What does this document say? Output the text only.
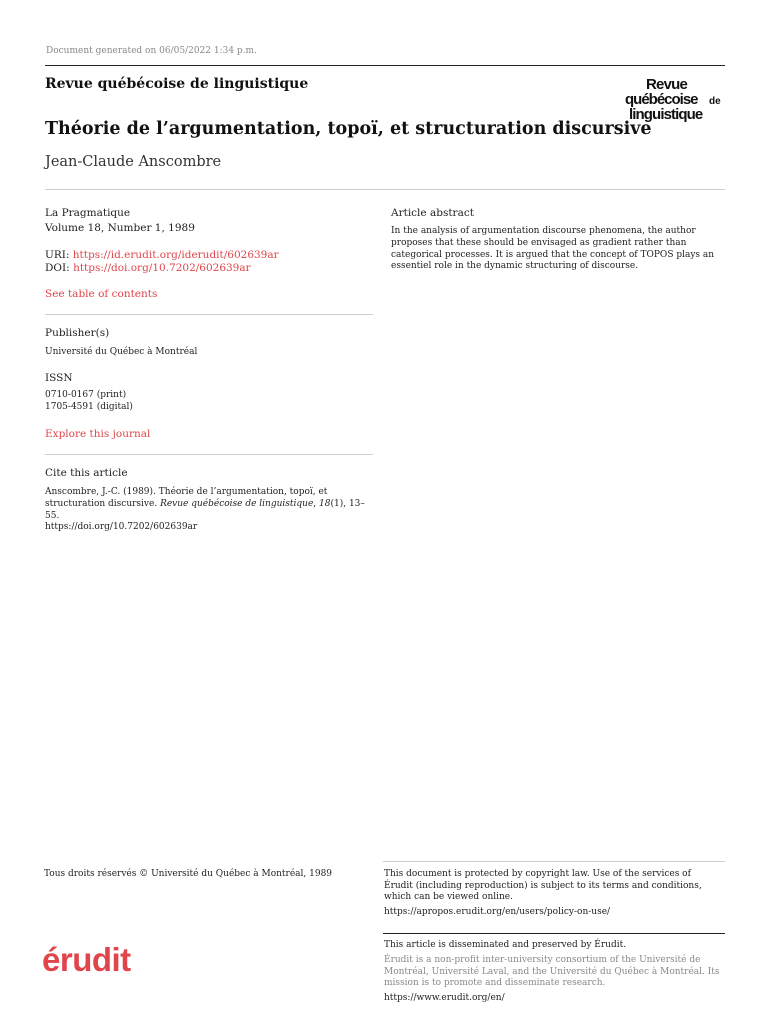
Document generated on 06/05/2022 1:34 p.m.
Revue québécoise de linguistique	Revue
québécoise de
linguistique
Théorie de l’argumentation, topoï, et structuration discursive
Jean-Claude Anscombre
La Pragmatique
Volume 18, Number 1, 1989
URI: https://id.erudit.org/iderudit/602639ar
DOI: https://doi.org/10.7202/602639ar
See table of contents
Publisher(s)
Université du Québec à Montréal
ISSN
0710-0167 (print)
1705-4591 (digital)
Explore this journal
Cite this article
Anscombre, J.-C. (1989). Théorie de l’argumentation, topoï, et structuration discursive. Revue québécoise de linguistique, 18(1), 13–55.
https://doi.org/10.7202/602639ar
Article abstract
In the analysis of argumentation discourse phenomena, the author proposes that these should be envisaged as gradient rather than categorical processes. It is argued that the concept of TOPOS plays an essentiel role in the dynamic structuring of discourse.
Tous droits réservés © Université du Québec à Montréal, 1989	This document is protected by copyright law. Use of the services of Érudit (including reproduction) is subject to its terms and conditions, which can be viewed online.
https://apropos.erudit.org/en/users/policy-on-use/
érudit	This article is disseminated and preserved by Érudit.
Érudit is a non-profit inter-university consortium of the Université de Montréal, Université Laval, and the Université du Québec à Montréal. Its mission is to promote and disseminate research.
https://www.erudit.org/en/
